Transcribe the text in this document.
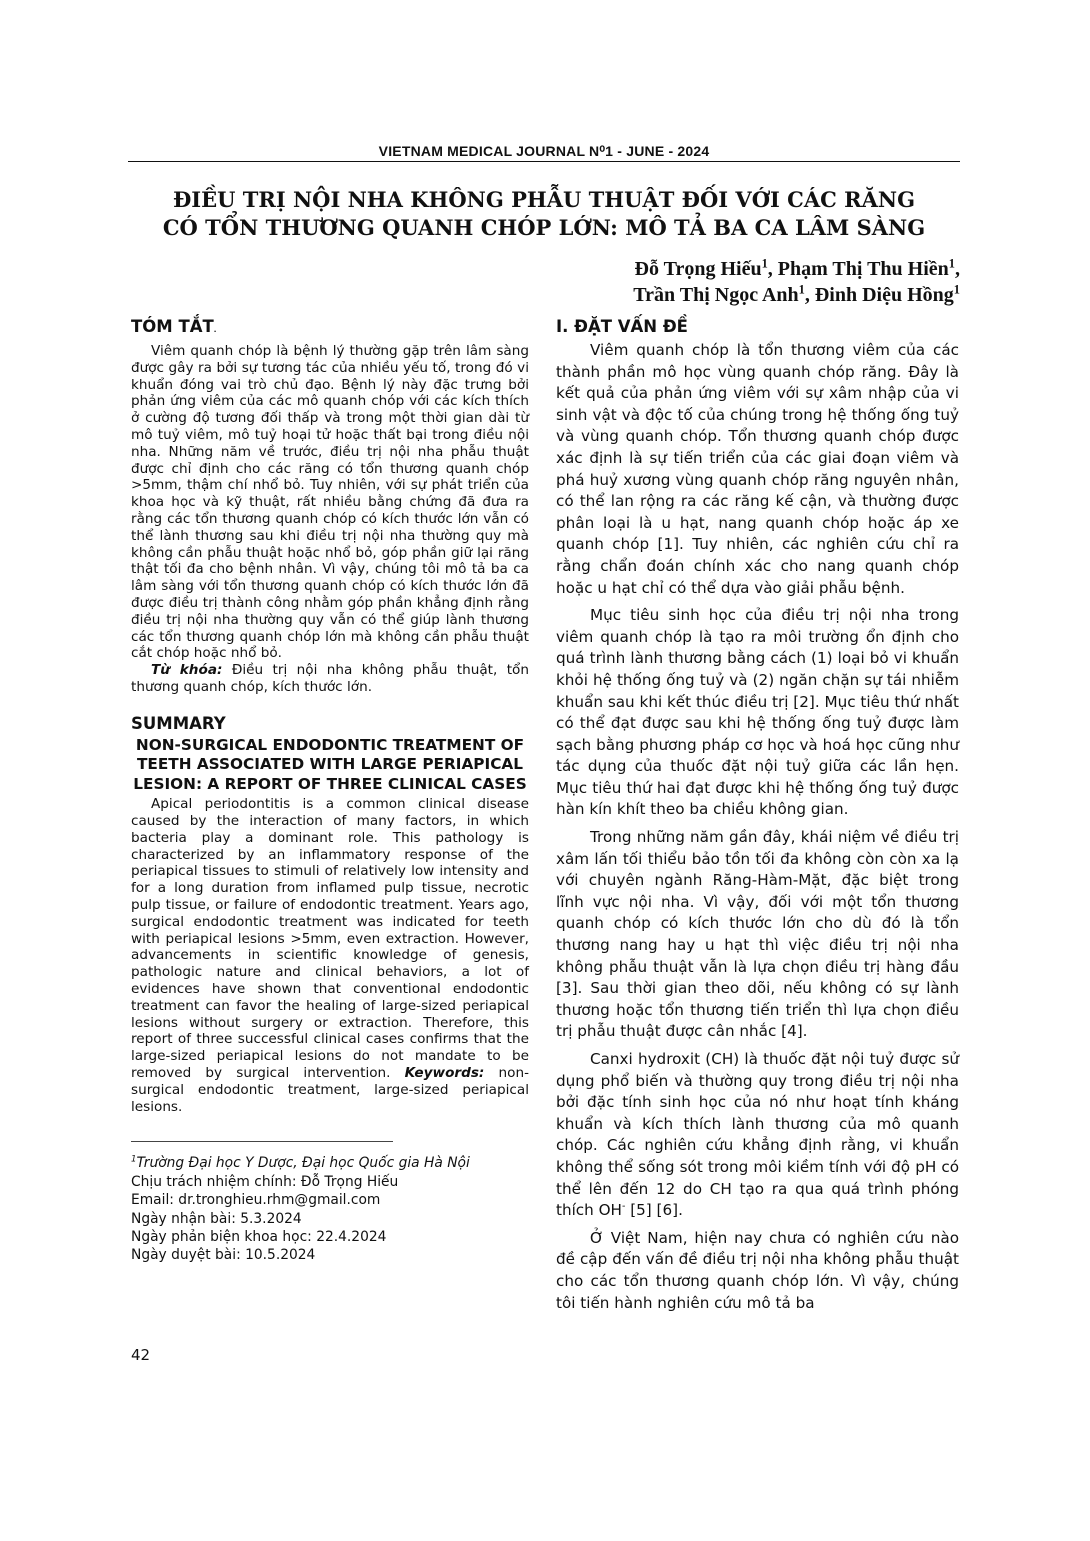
VIETNAM MEDICAL JOURNAL N⁰1 - JUNE - 2024
ĐIỀU TRỊ NỘI NHA KHÔNG PHẪU THUẬT ĐỐI VỚI CÁC RĂNG
CÓ TỔN THƯƠNG QUANH CHÓP LỚN: MÔ TẢ BA CA LÂM SÀNG
Đỗ Trọng Hiếu$^1$, Phạm Thị Thu Hiền$^1$,
Trần Thị Ngọc Anh$^1$, Đinh Diệu Hồng$^1$
TÓM TẮT.

Viêm quanh chóp là bệnh lý thường gặp trên lâm sàng được gây ra bởi sự tương tác của nhiều yếu tố, trong đó vi khuẩn đóng vai trò chủ đạo. Bệnh lý này đặc trưng bởi phản ứng viêm của các mô quanh chóp với các kích thích ở cường độ tương đối thấp và trong một thời gian dài từ mô tuỷ viêm, mô tuỷ hoại tử hoặc thất bại trong điều nội nha. Những năm về trước, điều trị nội nha phẫu thuật được chỉ định cho các răng có tổn thương quanh chóp >5mm, thậm chí nhổ bỏ. Tuy nhiên, với sự phát triển của khoa học và kỹ thuật, rất nhiều bằng chứng đã đưa ra rằng các tổn thương quanh chóp có kích thước lớn vẫn có thể lành thương sau khi điều trị nội nha thường quy mà không cần phẫu thuật hoặc nhổ bỏ, góp phần giữ lại răng thật tối đa cho bệnh nhân. Vì vậy, chúng tôi mô tả ba ca lâm sàng với tổn thương quanh chóp có kích thước lớn đã được điều trị thành công nhằm góp phần khẳng định rằng điều trị nội nha thường quy vẫn có thể giúp lành thương các tổn thương quanh chóp lớn mà không cần phẫu thuật cắt chóp hoặc nhổ bỏ.

Từ khóa: Điều trị nội nha không phẫu thuật, tổn thương quanh chóp, kích thước lớn.

SUMMARY
NON-SURGICAL ENDODONTIC TREATMENT OF TEETH ASSOCIATED WITH LARGE PERIAPICAL LESION: A REPORT OF THREE CLINICAL CASES

Apical periodontitis is a common clinical disease caused by the interaction of many factors, in which bacteria play a dominant role. This pathology is characterized by an inflammatory response of the periapical tissues to stimuli of relatively low intensity and for a long duration from inflamed pulp tissue, necrotic pulp tissue, or failure of endodontic treatment. Years ago, surgical endodontic treatment was indicated for teeth with periapical lesions >5mm, even extraction. However, advancements in scientific knowledge of genesis, pathologic nature and clinical behaviors, a lot of evidences have shown that conventional endodontic treatment can favor the healing of large-sized periapical lesions without surgery or extraction. Therefore, this report of three successful clinical cases confirms that the large-sized periapical lesions do not mandate to be removed by surgical intervention. Keywords: non-surgical endodontic treatment, large-sized periapical lesions.

$^1$Trường Đại học Y Dược, Đại học Quốc gia Hà Nội
Chịu trách nhiệm chính: Đỗ Trọng Hiếu
Email: dr.tronghieu.rhm@gmail.com
Ngày nhận bài: 5.3.2024
Ngày phản biện khoa học: 22.4.2024
Ngày duyệt bài: 10.5.2024
42
I. ĐẶT VẤN ĐỀ

Viêm quanh chóp là tổn thương viêm của các thành phần mô học vùng quanh chóp răng. Đây là kết quả của phản ứng viêm với sự xâm nhập của vi sinh vật và độc tố của chúng trong hệ thống ống tuỷ và vùng quanh chóp. Tổn thương quanh chóp được xác định là sự tiến triển của các giai đoạn viêm và phá huỷ xương vùng quanh chóp răng nguyên nhân, có thể lan rộng ra các răng kế cận, và thường được phân loại là u hạt, nang quanh chóp hoặc áp xe quanh chóp [1]. Tuy nhiên, các nghiên cứu chỉ ra rằng chẩn đoán chính xác cho nang quanh chóp hoặc u hạt chỉ có thể dựa vào giải phẫu bệnh.

Mục tiêu sinh học của điều trị nội nha trong viêm quanh chóp là tạo ra môi trường ổn định cho quá trình lành thương bằng cách (1) loại bỏ vi khuẩn khỏi hệ thống ống tuỷ và (2) ngăn chặn sự tái nhiễm khuẩn sau khi kết thúc điều trị [2]. Mục tiêu thứ nhất có thể đạt được sau khi hệ thống ống tuỷ được làm sạch bằng phương pháp cơ học và hoá học cũng như tác dụng của thuốc đặt nội tuỷ giữa các lần hẹn. Mục tiêu thứ hai đạt được khi hệ thống ống tuỷ được hàn kín khít theo ba chiều không gian.

Trong những năm gần đây, khái niệm về điều trị xâm lấn tối thiểu bảo tồn tối đa không còn còn xa lạ với chuyên ngành Răng-Hàm-Mặt, đặc biệt trong lĩnh vực nội nha. Vì vậy, đối với một tổn thương quanh chóp có kích thước lớn cho dù đó là tổn thương nang hay u hạt thì việc điều trị nội nha không phẫu thuật vẫn là lựa chọn điều trị hàng đầu [3]. Sau thời gian theo dõi, nếu không có sự lành thương hoặc tổn thương tiến triển thì lựa chọn điều trị phẫu thuật được cân nhắc [4].

Canxi hydroxit (CH) là thuốc đặt nội tuỷ được sử dụng phổ biến và thường quy trong điều trị nội nha bởi đặc tính sinh học của nó như hoạt tính kháng khuẩn và kích thích lành thương của mô quanh chóp. Các nghiên cứu khẳng định rằng, vi khuẩn không thể sống sót trong môi kiềm tính với độ pH có thể lên đến 12 do CH tạo ra qua quá trình phóng thích OH- [5] [6].

Ở Việt Nam, hiện nay chưa có nghiên cứu nào đề cập đến vấn đề điều trị nội nha không phẫu thuật cho các tổn thương quanh chóp lớn. Vì vậy, chúng tôi tiến hành nghiên cứu mô tả ba
